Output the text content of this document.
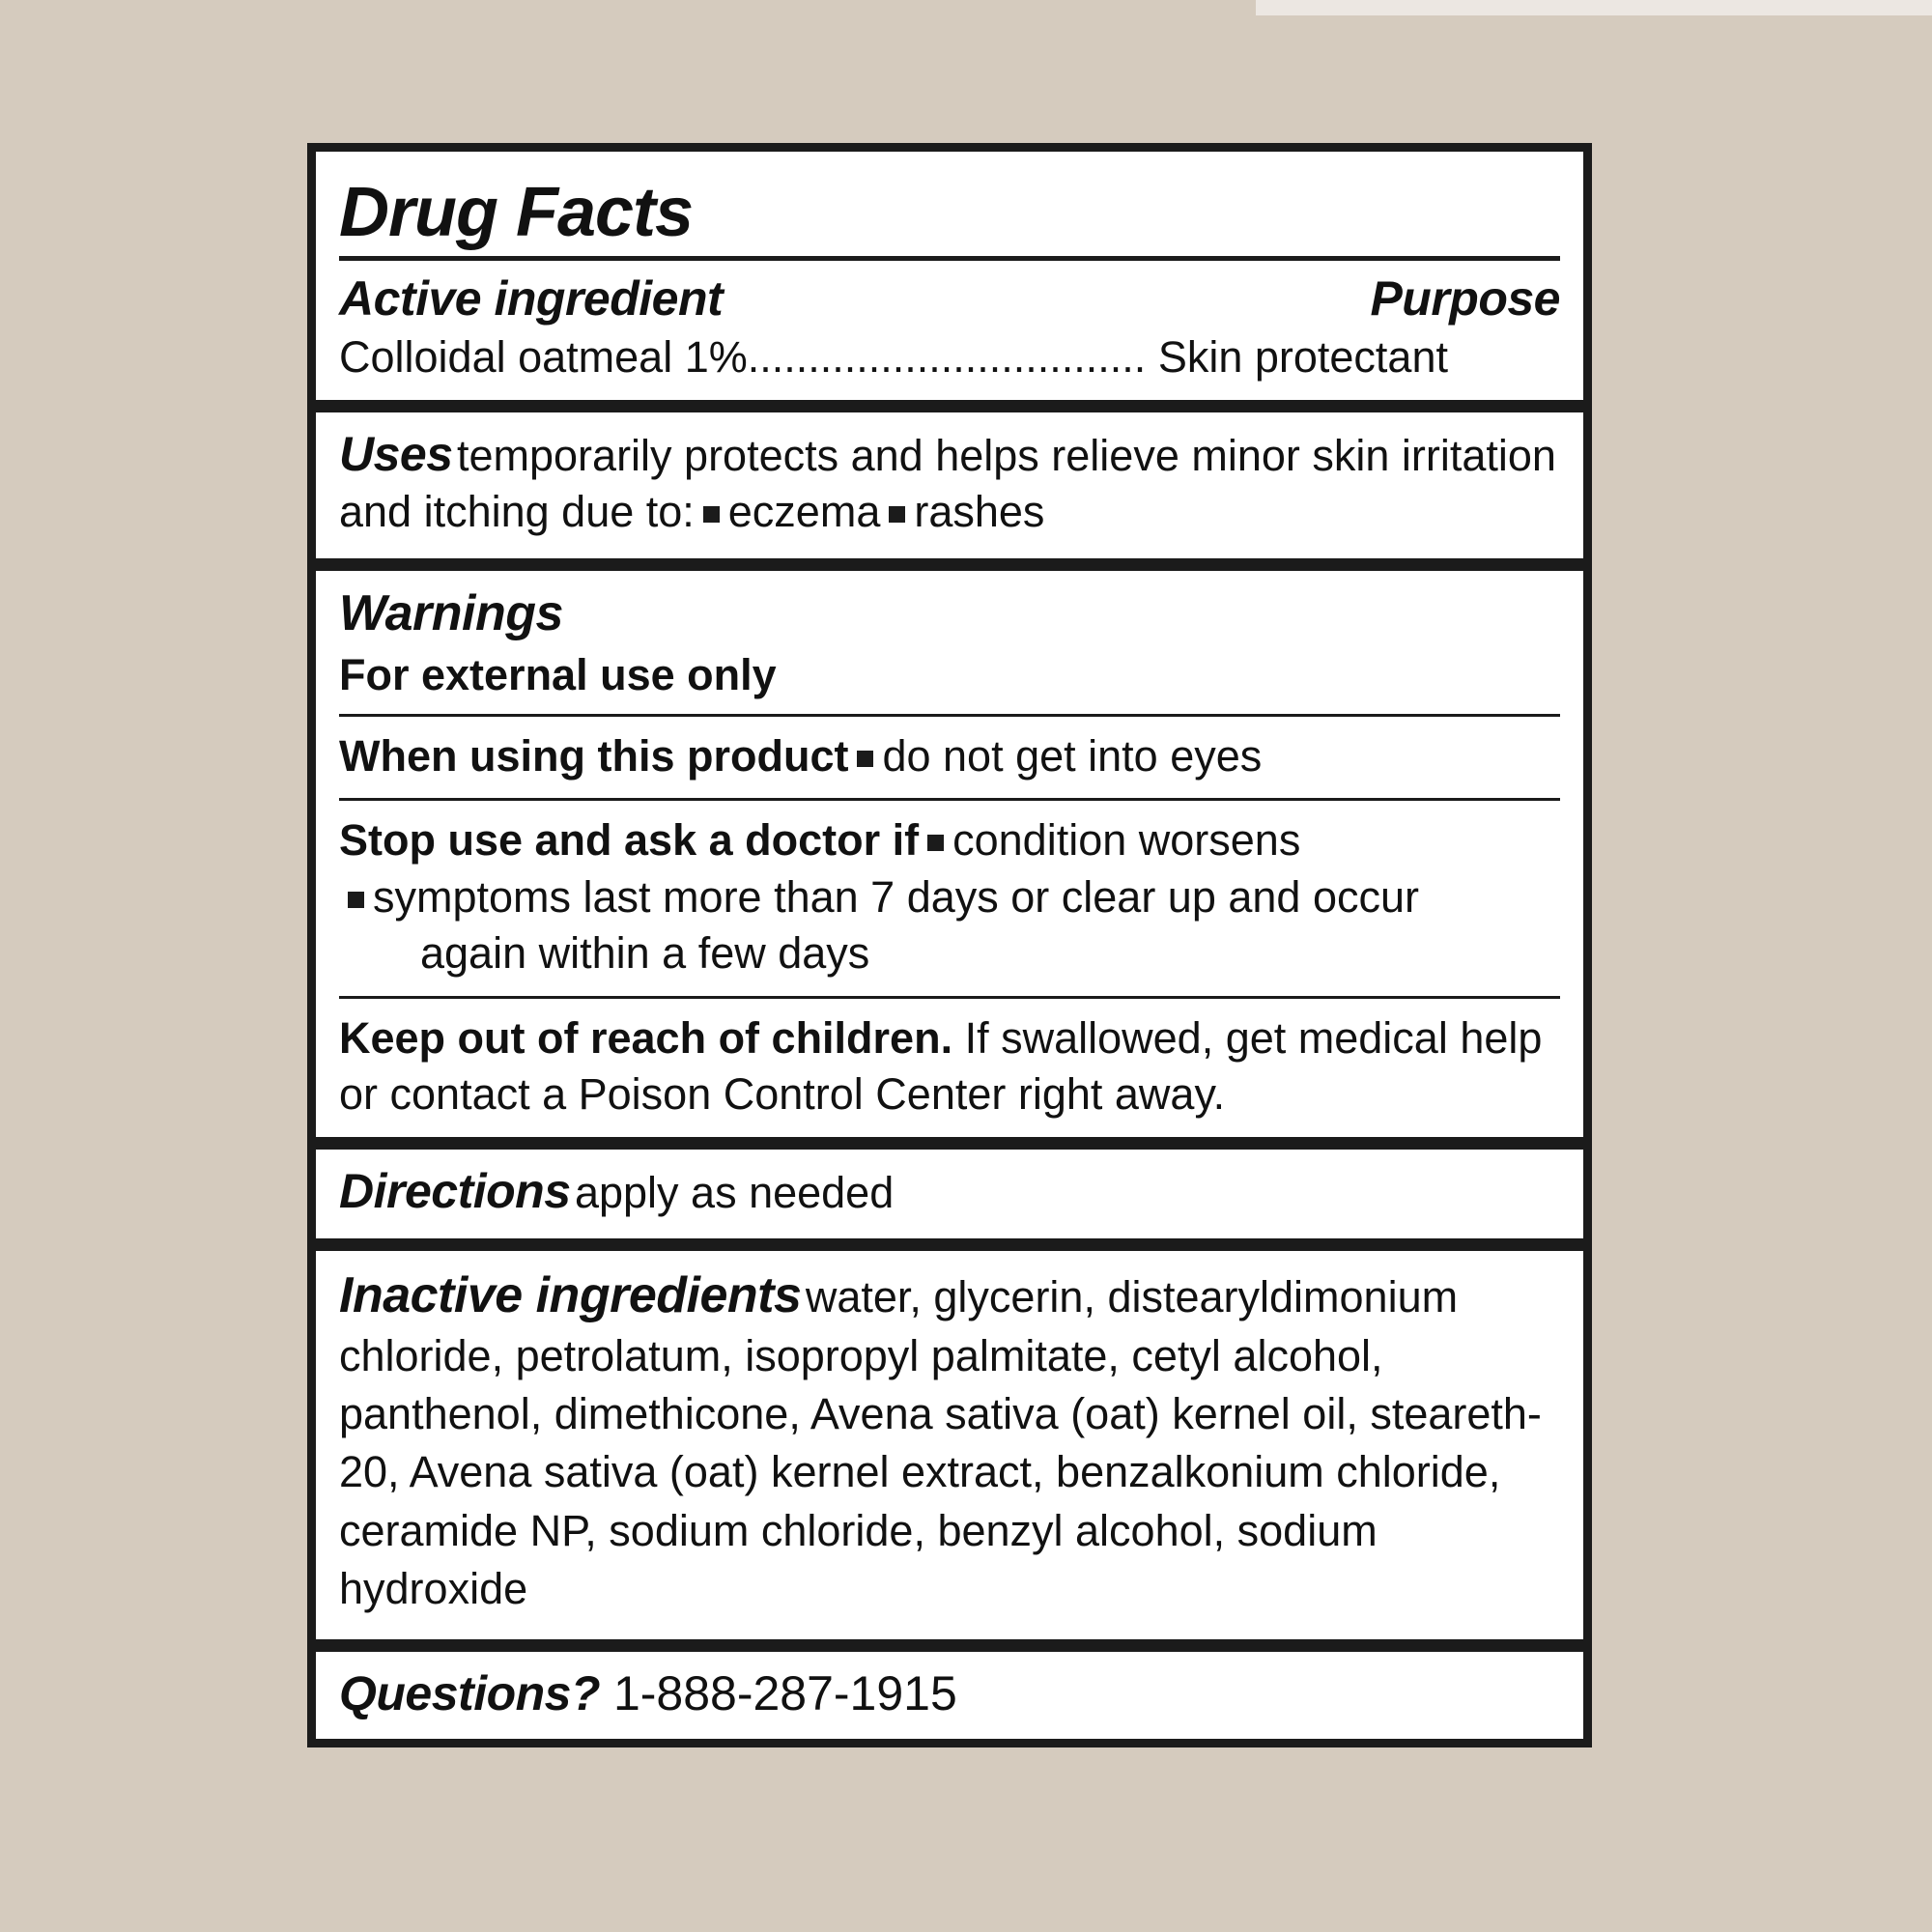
Drug Facts
Active ingredient	Purpose
Colloidal oatmeal 1%................................. Skin protectant
Uses temporarily protects and helps relieve minor skin irritation and itching due to: eczema rashes
Warnings
For external use only
When using this product do not get into eyes
Stop use and ask a doctor if condition worsens
symptoms last more than 7 days or clear up and occur
again within a few days
Keep out of reach of children. If swallowed, get medical help or contact a Poison Control Center right away.
Directions apply as needed
Inactive ingredients water, glycerin, distearyldimonium chloride, petrolatum, isopropyl palmitate, cetyl alcohol, panthenol, dimethicone, Avena sativa (oat) kernel oil, steareth-20, Avena sativa (oat) kernel extract, benzalkonium chloride, ceramide NP, sodium chloride, benzyl alcohol, sodium hydroxide
Questions? 1-888-287-1915
